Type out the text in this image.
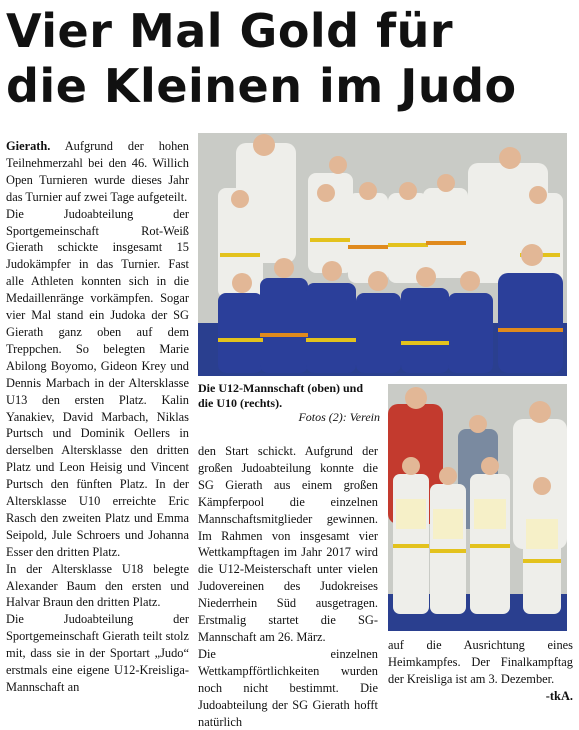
Vier Mal Gold für
die Kleinen im Judo

Gierath. Aufgrund der hohen Teilnehmerzahl bei den 46. Willich Open Turnieren wurde dieses Jahr das Turnier auf zwei Tage aufgeteilt.

Die Judoabteilung der Sportgemeinschaft Rot-Weiß Gierath schickte insgesamt 15 Judokämpfer in das Turnier. Fast alle Athleten konnten sich in die Medaillenränge vorkämpfen. Sogar vier Mal stand ein Judoka der SG Gierath ganz oben auf dem Treppchen. So belegten Marie Abilong Boyomo, Gideon Krey und Dennis Marbach in der Altersklasse U13 den ersten Platz. Kalin Yanakiev, David Marbach, Niklas Purtsch und Dominik Oellers in derselben Altersklasse den dritten Platz und Leon Heisig und Vincent Purtsch den fünften Platz. In der Altersklasse U10 erreichte Eric Rasch den zweiten Platz und Emma Seipold, Jule Schroers und Johanna Esser den dritten Platz.

In der Altersklasse U18 belegte Alexander Baum den ersten und Halvar Braun den dritten Platz.

Die Judoabteilung der Sportgemeinschaft Gierath teilt stolz mit, dass sie in der Sportart „Judo“ erstmals eine eigene U12-Kreisliga-Mannschaft an

Die U12-Mannschaft (oben) und die U10 (rechts).
Fotos (2): Verein

den Start schickt. Aufgrund der großen Judoabteilung konnte die SG Gierath aus einem großen Kämpferpool die einzelnen Mannschaftsmitglieder gewinnen. Im Rahmen von insgesamt vier Wettkampftagen im Jahr 2017 wird die U12-Meisterschaft unter vielen Judovereinen des Judokreises Niederrhein Süd ausgetragen. Erstmalig startet die SG-Mannschaft am 26. März.

Die einzelnen Wettkampfförtlichkeiten wurden noch nicht bestimmt. Die Judoabteilung der SG Gierath hofft natürlich

auf die Ausrichtung eines Heimkampfes. Der Finalkampftag der Kreisliga ist am 3. Dezember.
-tkA.
